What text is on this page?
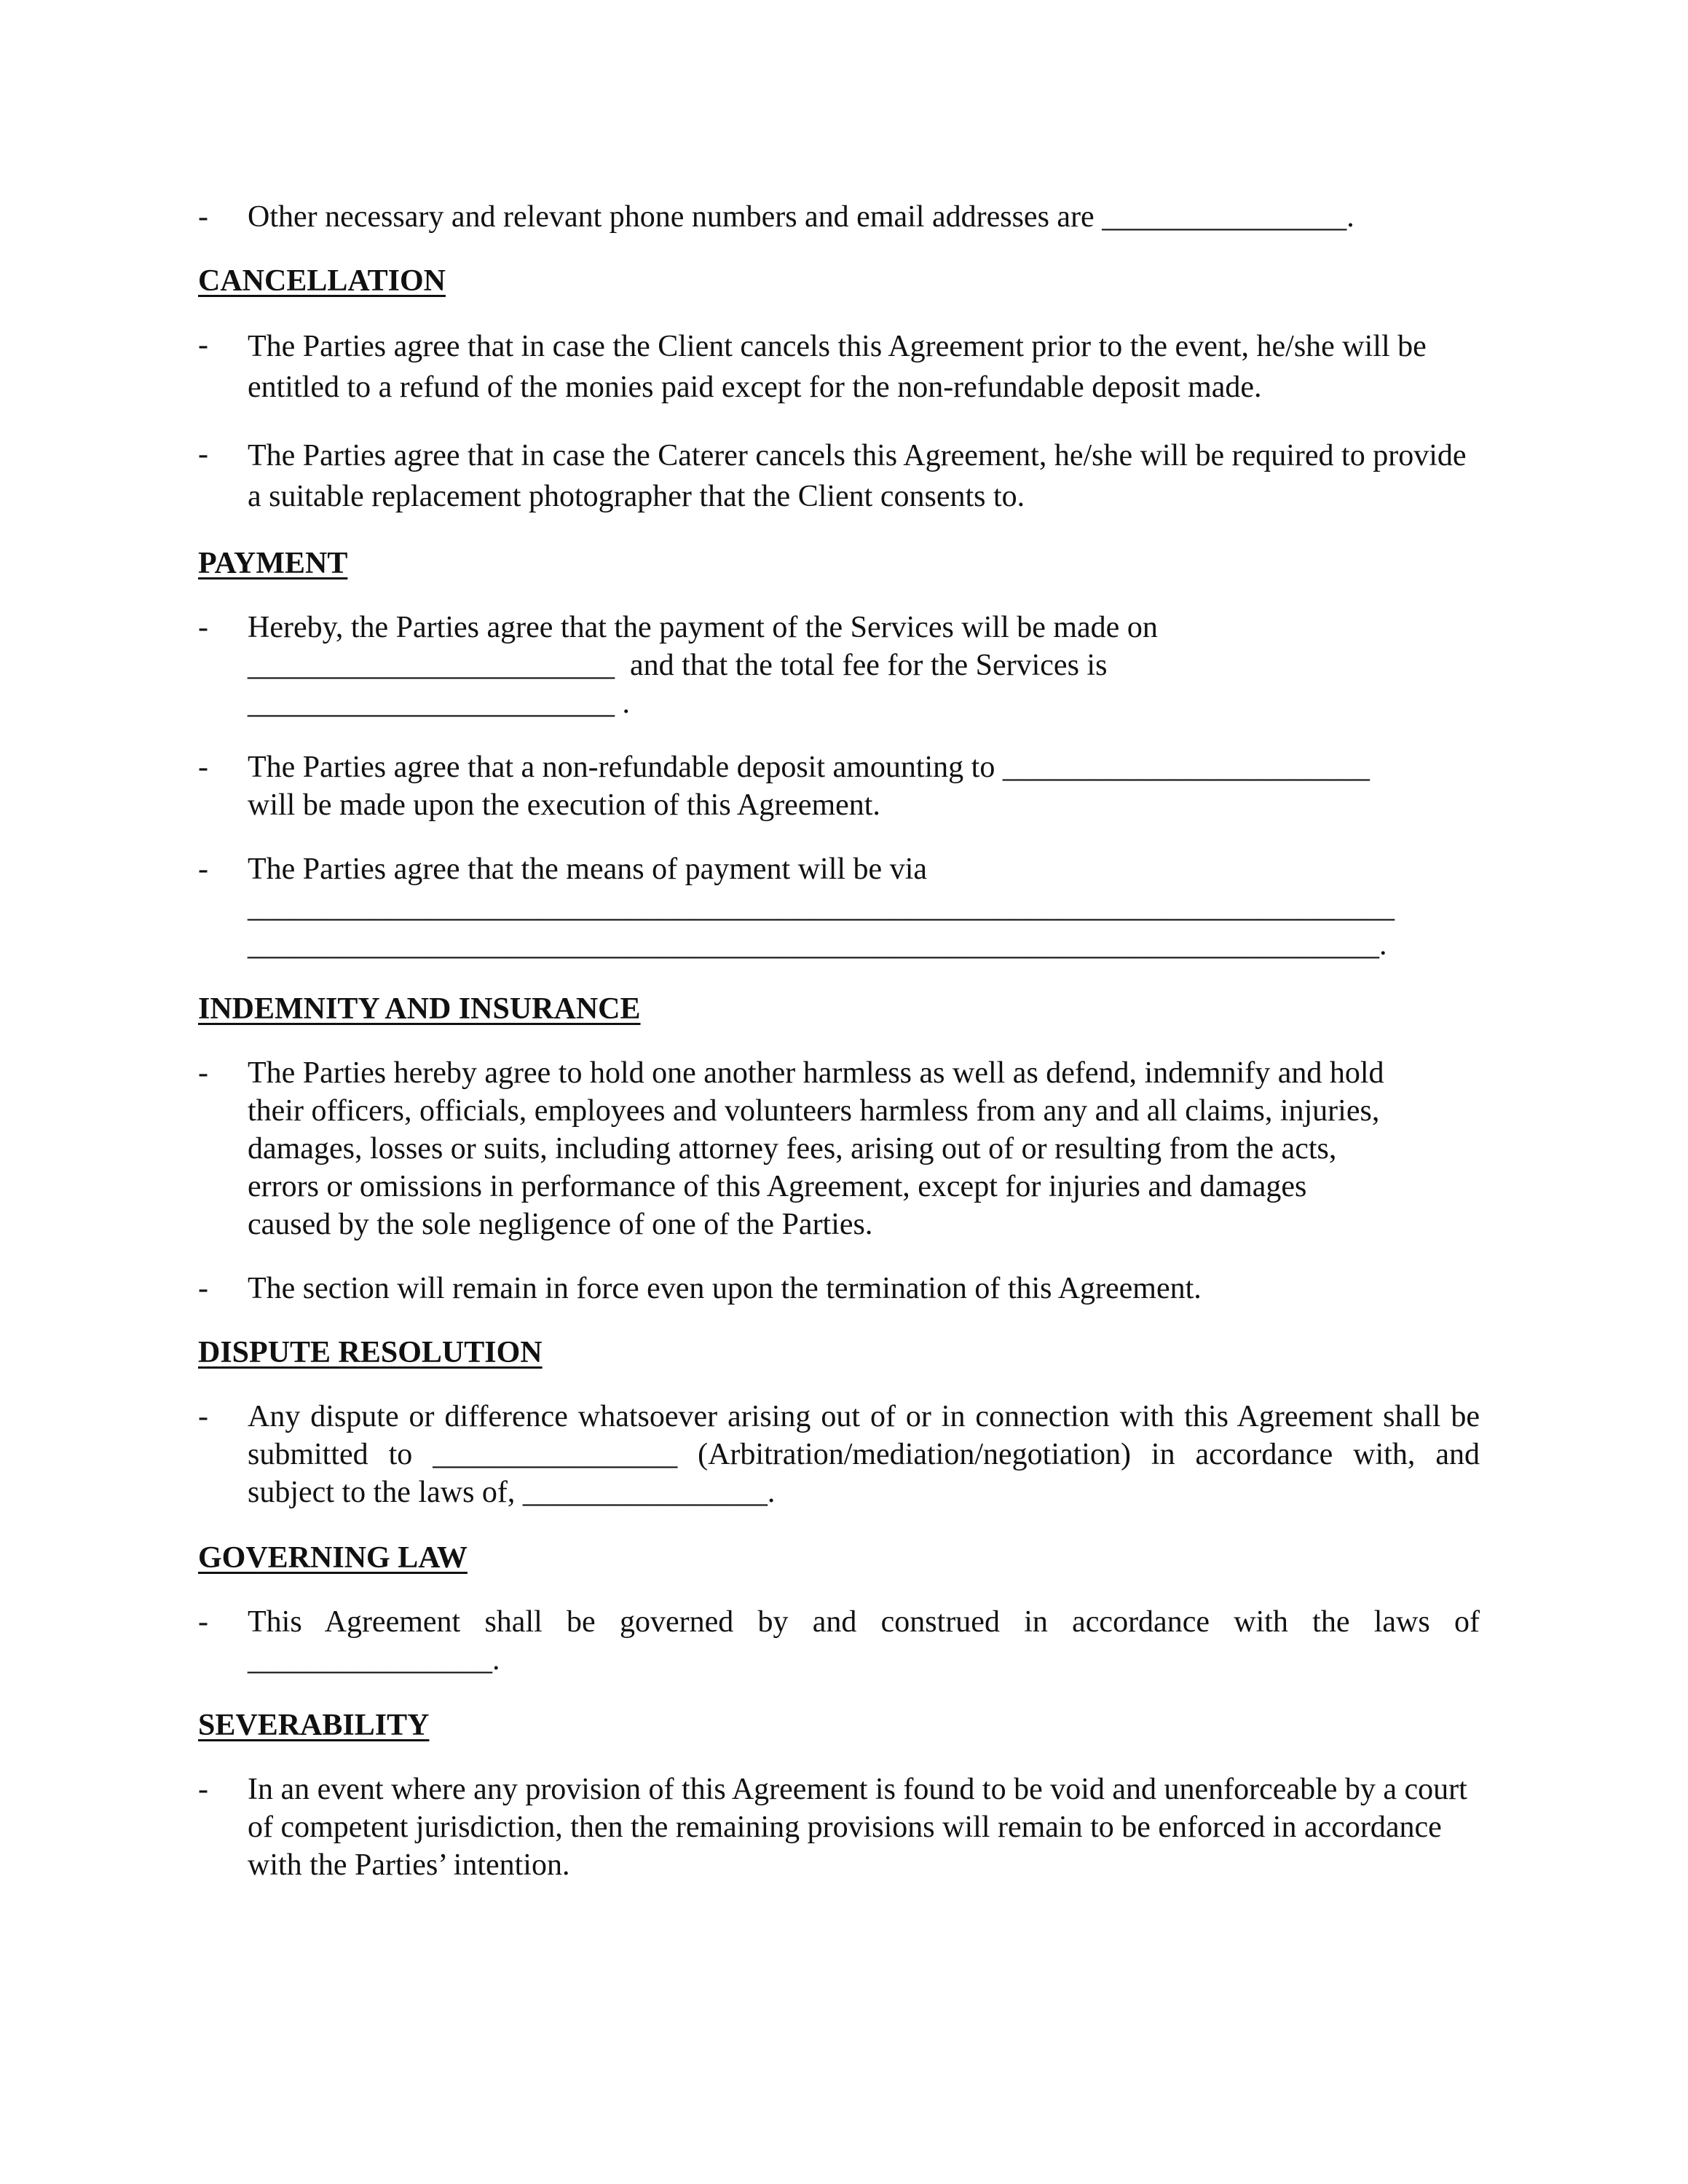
- Other necessary and relevant phone numbers and email addresses are ________________.
CANCELLATION
- The Parties agree that in case the Client cancels this Agreement prior to the event, he/she will be entitled to a refund of the monies paid except for the non-refundable deposit made.
- The Parties agree that in case the Caterer cancels this Agreement, he/she will be required to provide a suitable replacement photographer that the Client consents to.
PAYMENT
- Hereby, the Parties agree that the payment of the Services will be made on
________________________  and that the total fee for the Services is
________________________ .
- The Parties agree that a non-refundable deposit amounting to ________________________
will be made upon the execution of this Agreement.
- The Parties agree that the means of payment will be via
___________________________________________________________________________
__________________________________________________________________________.
INDEMNITY AND INSURANCE
- The Parties hereby agree to hold one another harmless as well as defend, indemnify and hold
their officers, officials, employees and volunteers harmless from any and all claims, injuries,
damages, losses or suits, including attorney fees, arising out of or resulting from the acts,
errors or omissions in performance of this Agreement, except for injuries and damages
caused by the sole negligence of one of the Parties.
- The section will remain in force even upon the termination of this Agreement.
DISPUTE RESOLUTION
- Any dispute or difference whatsoever arising out of or in connection with this Agreement shall be submitted to ________________ (Arbitration/mediation/negotiation) in accordance with, and subject to the laws of, ________________.
GOVERNING LAW
- This Agreement shall be governed by and construed in accordance with the laws of ________________.
SEVERABILITY
- In an event where any provision of this Agreement is found to be void and unenforceable by a court of competent jurisdiction, then the remaining provisions will remain to be enforced in accordance with the Parties’ intention.
